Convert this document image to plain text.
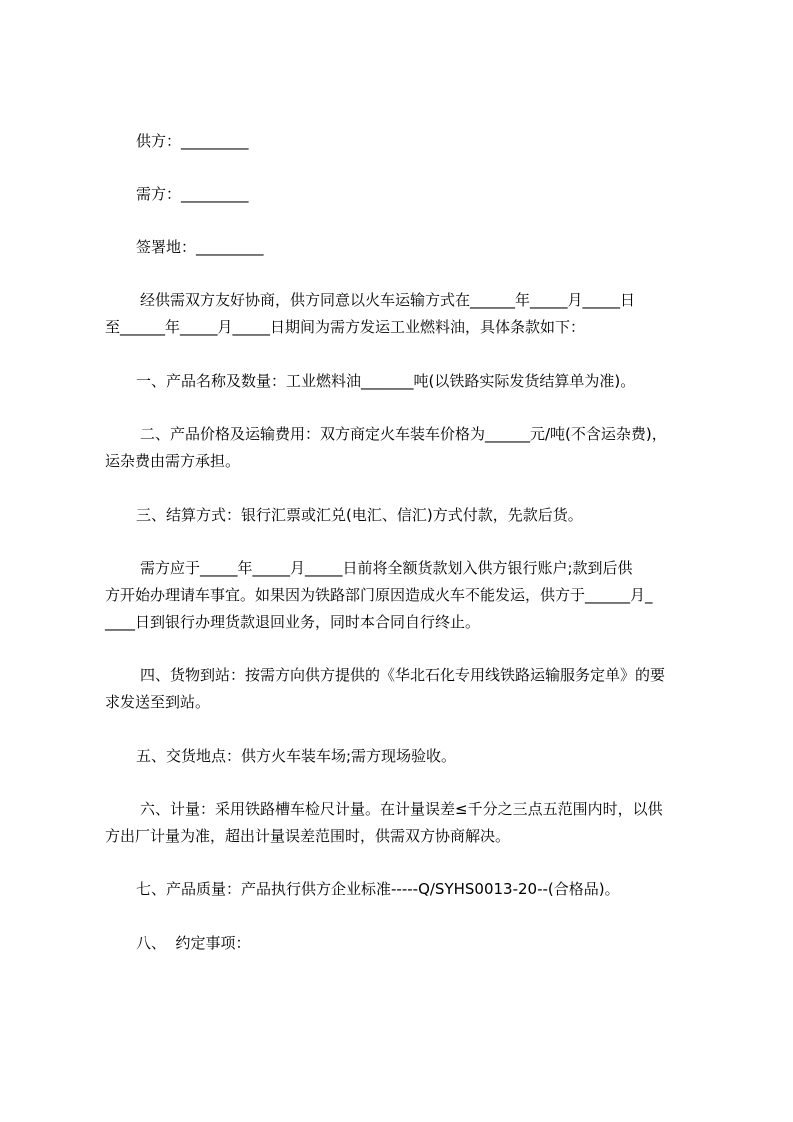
供方：_________
需方：_________
签署地：_________
经供需双方友好协商，供方同意以火车运输方式在______年_____月_____日
至______年_____月_____日期间为需方发运工业燃料油，具体条款如下：
一、产品名称及数量：工业燃料油_______吨(以铁路实际发货结算单为准)。
二、产品价格及运输费用：双方商定火车装车价格为______元/吨(不含运杂费)，
运杂费由需方承担。
三、结算方式：银行汇票或汇兑(电汇、信汇)方式付款，先款后货。
需方应于_____年_____月_____日前将全额货款划入供方银行账户;款到后供
方开始办理请车事宜。如果因为铁路部门原因造成火车不能发运，供方于______月_
____日到银行办理货款退回业务，同时本合同自行终止。
四、货物到站：按需方向供方提供的《华北石化专用线铁路运输服务定单》的要
求发送至到站。
五、交货地点：供方火车装车场;需方现场验收。
六、计量：采用铁路槽车检尺计量。在计量误差≤千分之三点五范围内时，以供
方出厂计量为准，超出计量误差范围时，供需双方协商解决。
七、产品质量：产品执行供方企业标准-----Q/SYHS0013-20--(合格品)。
八、  约定事项：
